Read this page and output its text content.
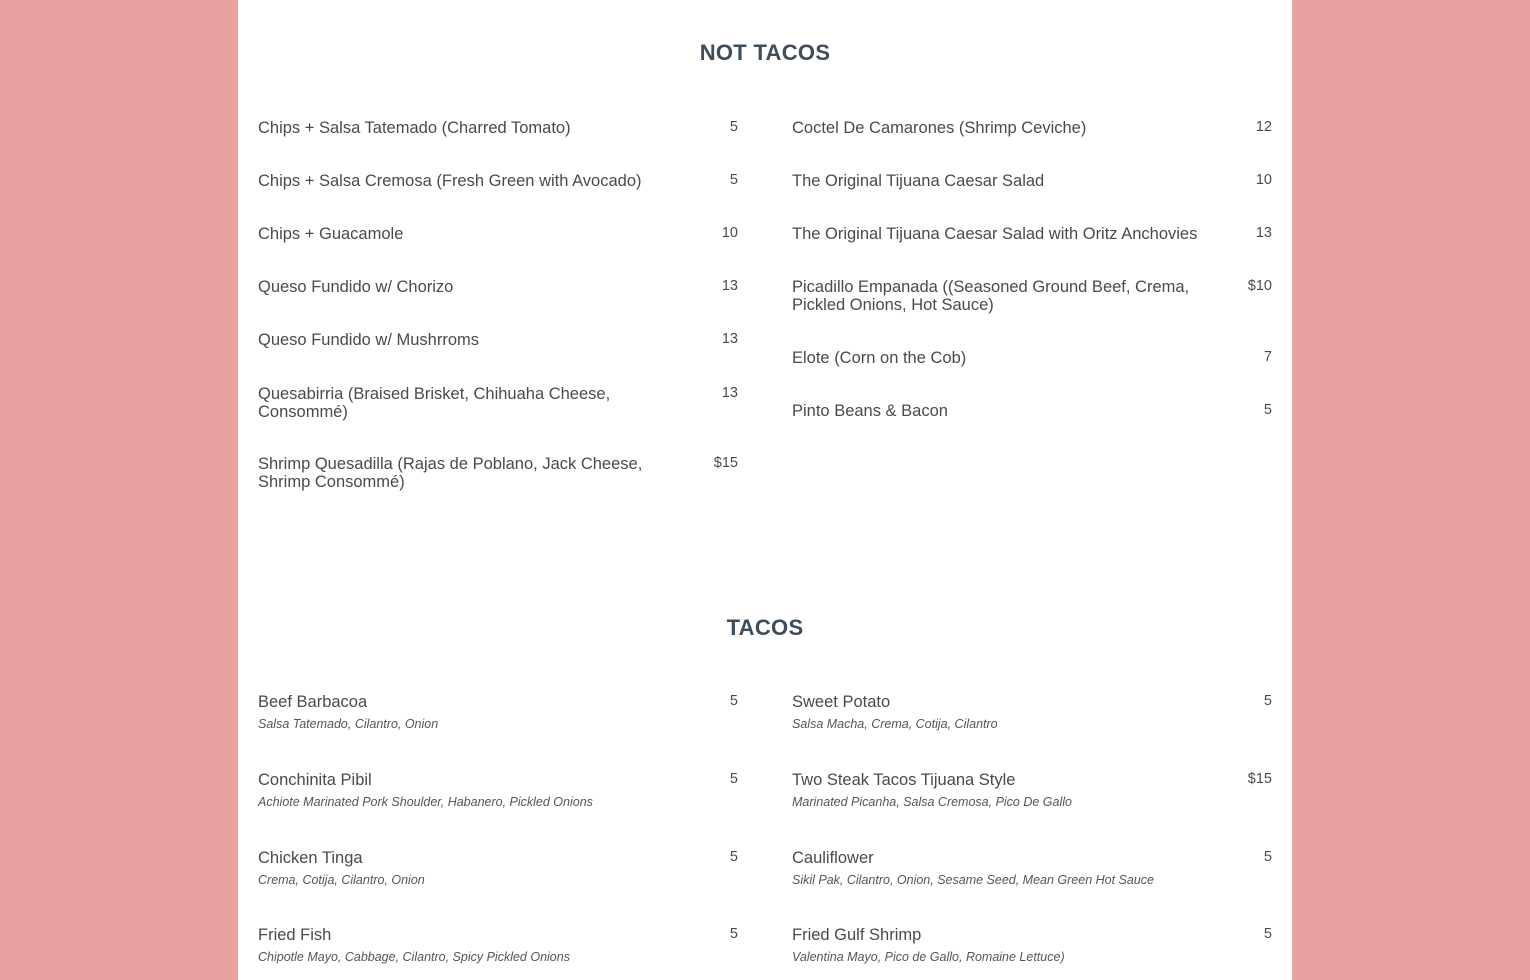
NOT TACOS
Chips + Salsa Tatemado (Charred Tomato)	5
Chips + Salsa Cremosa (Fresh Green with Avocado)	5
Chips + Guacamole	10
Queso Fundido w/ Chorizo	13
Queso Fundido w/ Mushrroms	13
Quesabirria (Braised Brisket, Chihuaha Cheese, Consommé)
13
Shrimp Quesadilla (Rajas de Poblano, Jack Cheese, Shrimp Consommé)
$15
Coctel De Camarones (Shrimp Ceviche)	12
The Original Tijuana Caesar Salad	10
The Original Tijuana Caesar Salad with Oritz Anchovies	13
Picadillo Empanada ((Seasoned Ground Beef, Crema, Pickled Onions, Hot Sauce)
$10
Elote (Corn on the Cob)	7
Pinto Beans & Bacon	5
TACOS
Beef Barbacoa
Salsa Tatemado, Cilantro, Onion
5
Conchinita Pibil
Achiote Marinated Pork Shoulder, Habanero, Pickled Onions
5
Chicken Tinga
Crema, Cotija, Cilantro, Onion
5
Fried Fish
Chipotle Mayo, Cabbage, Cilantro, Spicy Pickled Onions
5
Sweet Potato
Salsa Macha, Crema, Cotija, Cilantro
5
Two Steak Tacos Tijuana Style
Marinated Picanha, Salsa Cremosa, Pico De Gallo
$15
Cauliflower
Sikil Pak, Cilantro, Onion, Sesame Seed, Mean Green Hot Sauce
5
Fried Gulf Shrimp
Valentina Mayo, Pico de Gallo, Romaine Lettuce)
5
